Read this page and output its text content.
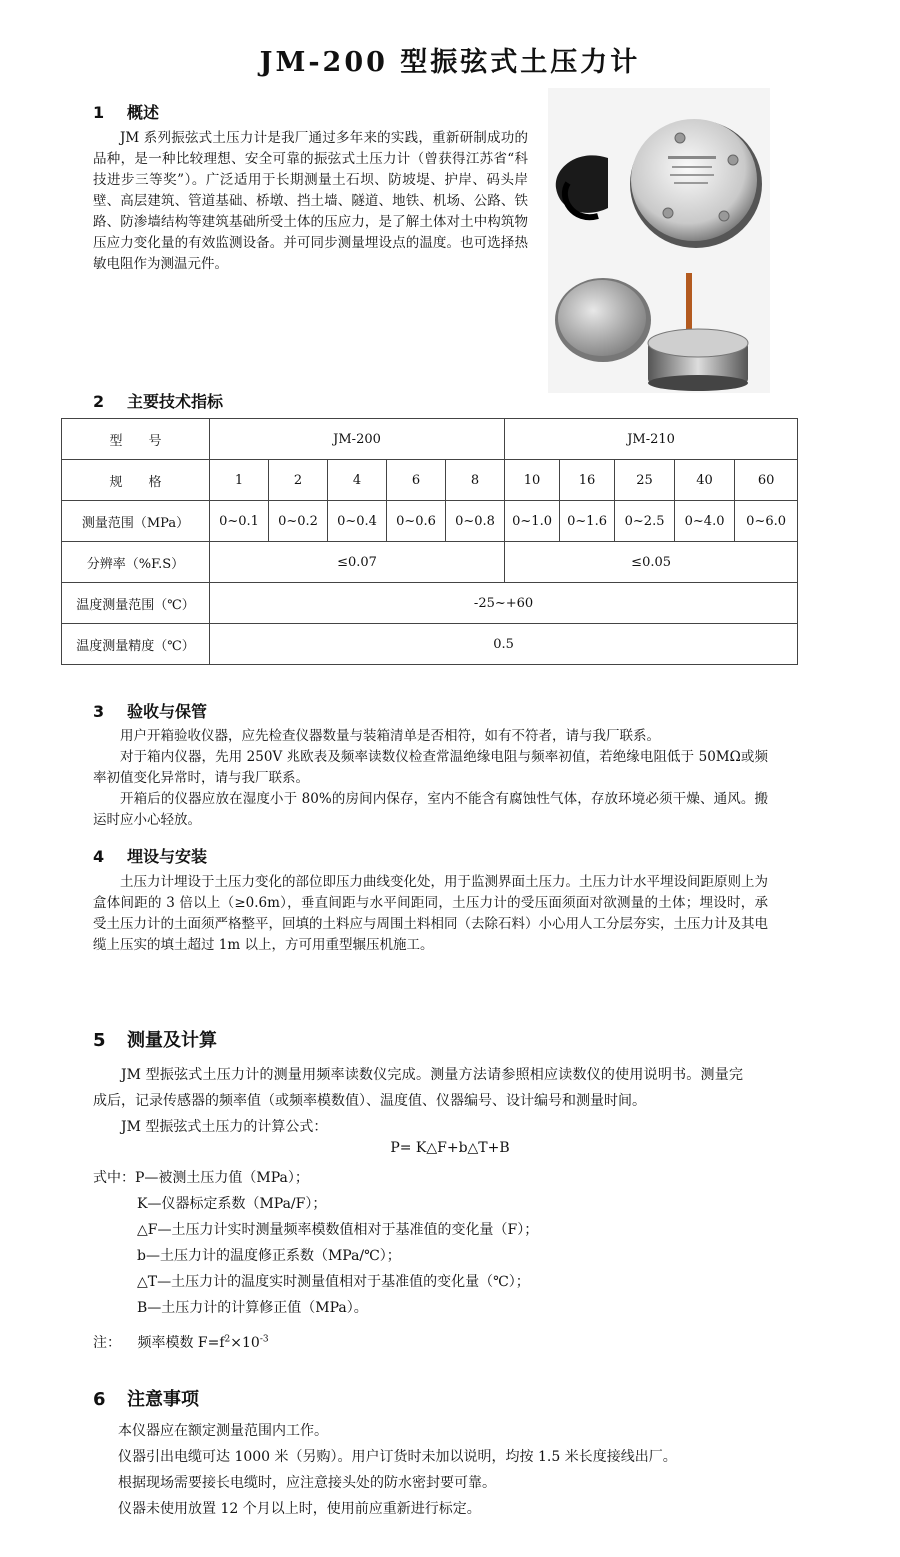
JM-200 型振弦式土压力计
1 概述

JM 系列振弦式土压力计是我厂通过多年来的实践，重新研制成功的品种，是一种比较理想、安全可靠的振弦式土压力计（曾获得江苏省“科技进步三等奖”）。广泛适用于长期测量土石坝、防坡堤、护岸、码头岸壁、高层建筑、管道基础、桥墩、挡土墙、隧道、地铁、机场、公路、铁路、防渗墙结构等建筑基础所受土体的压应力，是了解土体对土中构筑物压应力变化量的有效监测设备。并可同步测量埋设点的温度。也可选择热敏电阻作为测温元件。

2 主要技术指标
型　　号	JM-200					JM-210				
规　　格	1	2	4	6	8	10	16	25	40	60
测量范围（MPa）	0~0.1	0~0.2	0~0.4	0~0.6	0~0.8	0~1.0	0~1.6	0~2.5	0~4.0	0~6.0
分辨率（%F.S）	≤0.07					≤0.05				
温度测量范围（℃）	-25~+60									
温度测量精度（℃）	0.5									
3 验收与保管

用户开箱验收仪器，应先检查仪器数量与装箱清单是否相符，如有不符者，请与我厂联系。

对于箱内仪器，先用 250V 兆欧表及频率读数仪检查常温绝缘电阻与频率初值，若绝缘电阻低于 50MΩ或频率初值变化异常时，请与我厂联系。

开箱后的仪器应放在湿度小于 80%的房间内保存，室内不能含有腐蚀性气体，存放环境必须干燥、通风。搬运时应小心轻放。

4 埋设与安装

土压力计埋设于土压力变化的部位即压力曲线变化处，用于监测界面土压力。土压力计水平埋设间距原则上为盒体间距的 3 倍以上（≥0.6m），垂直间距与水平间距同，土压力计的受压面须面对欲测量的土体；埋设时，承受土压力计的土面须严格整平，回填的土料应与周围土料相同（去除石料）小心用人工分层夯实，土压力计及其电缆上压实的填土超过 1m 以上，方可用重型辗压机施工。

5 测量及计算

JM 型振弦式土压力计的测量用频率读数仪完成。测量方法请参照相应读数仪的使用说明书。测量完成后，记录传感器的频率值（或频率模数值）、温度值、仪器编号、设计编号和测量时间。

JM 型振弦式土压力的计算公式：

P= K△F+b△T+B
式中：P—被测土压力值（MPa）；
K—仪器标定系数（MPa/F）；
△F—土压力计实时测量频率模数值相对于基准值的变化量（F）；
b—土压力计的温度修正系数（MPa/℃）；
△T—土压力计的温度实时测量值相对于基准值的变化量（℃）；
B—土压力计的计算修正值（MPa）。
注： 频率模数 $F=f^2\times 10^{-3}$
6 注意事项
本仪器应在额定测量范围内工作。
仪器引出电缆可达 1000 米（另购）。用户订货时未加以说明，均按 1.5 米长度接线出厂。
根据现场需要接长电缆时，应注意接头处的防水密封要可靠。
仪器未使用放置 12 个月以上时，使用前应重新进行标定。
